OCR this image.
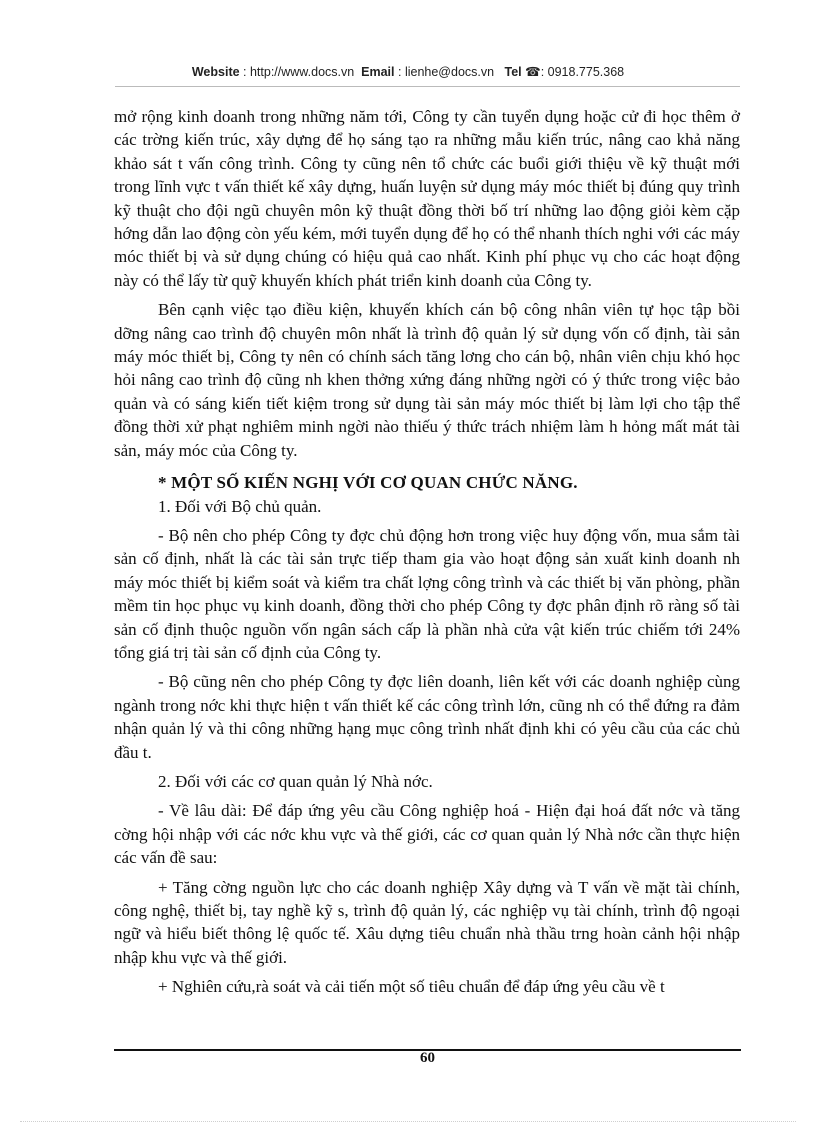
Website : http://www.docs.vn Email : lienhe@docs.vn Tel ☎: 0918.775.368

mở rộng kinh doanh trong những năm tới, Công ty cần tuyển dụng hoặc cử đi học thêm ở các trờng kiến trúc, xây dựng để họ sáng tạo ra những mẫu kiến trúc, nâng cao khả năng khảo sát t vấn công trình. Công ty cũng nên tổ chức các buổi giới thiệu về kỹ thuật mới trong lĩnh vực t vấn thiết kế xây dựng, huấn luyện sử dụng máy móc thiết bị đúng quy trình kỹ thuật cho đội ngũ chuyên môn kỹ thuật đồng thời bố trí những lao động giỏi kèm cặp hớng dẫn lao động còn yếu kém, mới tuyển dụng để họ có thể nhanh thích nghi với các máy móc thiết bị và sử dụng chúng có hiệu quả cao nhất. Kinh phí phục vụ cho các hoạt động này có thể lấy từ quỹ khuyến khích phát triển kinh doanh của Công ty.

Bên cạnh việc tạo điều kiện, khuyến khích cán bộ công nhân viên tự học tập bồi dỡng nâng cao trình độ chuyên môn nhất là trình độ quản lý sử dụng vốn cố định, tài sản máy móc thiết bị, Công ty nên có chính sách tăng lơng cho cán bộ, nhân viên chịu khó học hỏi nâng cao trình độ cũng nh khen thởng xứng đáng những ngời có ý thức trong việc bảo quản và có sáng kiến tiết kiệm trong sử dụng tài sản máy móc thiết bị làm lợi cho tập thể đồng thời xử phạt nghiêm minh ngời nào thiếu ý thức trách nhiệm làm h hỏng mất mát tài sản, máy móc của Công ty.

* MỘT SỐ KIẾN NGHỊ VỚI CƠ QUAN CHỨC NĂNG.

1. Đối với Bộ chủ quản.

- Bộ nên cho phép Công ty đợc chủ động hơn trong việc huy động vốn, mua sắm tài sản cố định, nhất là các tài sản trực tiếp tham gia vào hoạt động sản xuất kinh doanh nh máy móc thiết bị kiểm soát và kiểm tra chất lợng công trình và các thiết bị văn phòng, phần mềm tin học phục vụ kinh doanh, đồng thời cho phép Công ty đợc phân định rõ ràng số tài sản cố định thuộc nguồn vốn ngân sách cấp là phần nhà cửa vật kiến trúc chiếm tới 24% tổng giá trị tài sản cố định của Công ty.

- Bộ cũng nên cho phép Công ty đợc liên doanh, liên kết với các doanh nghiệp cùng ngành trong nớc khi thực hiện t vấn thiết kế các công trình lớn, cũng nh có thể đứng ra đảm nhận quản lý và thi công những hạng mục công trình nhất định khi có yêu cầu của các chủ đầu t.

2. Đối với các cơ quan quản lý Nhà nớc.

- Về lâu dài: Để đáp ứng yêu cầu Công nghiệp hoá - Hiện đại hoá đất nớc và tăng cờng hội nhập với các nớc khu vực và thế giới, các cơ quan quản lý Nhà nớc cần thực hiện các vấn đề sau:

+ Tăng cờng nguồn lực cho các doanh nghiệp Xây dựng và T vấn về mặt tài chính, công nghệ, thiết bị, tay nghề kỹ s, trình độ quản lý, các nghiệp vụ tài chính, trình độ ngoại ngữ và hiểu biết thông lệ quốc tế. Xâu dựng tiêu chuẩn nhà thầu trng hoàn cảnh hội nhập nhập khu vực và thế giới.

+ Nghiên cứu,rà soát và cải tiến một số tiêu chuẩn để đáp ứng yêu cầu về t

60
